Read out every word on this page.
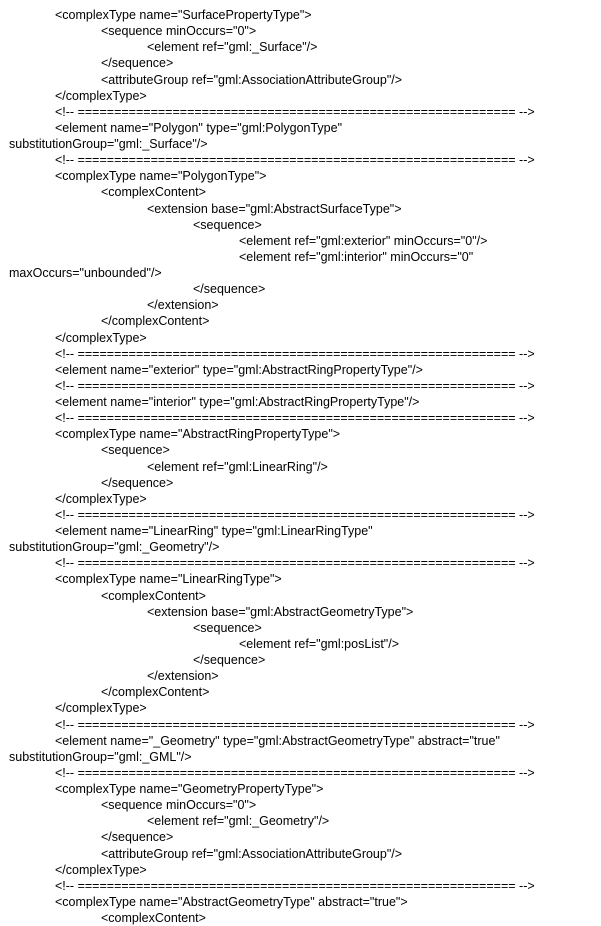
<complexType name="SurfacePropertyType">
<sequence minOccurs="0">
<element ref="gml:_Surface"/>
</sequence>
<attributeGroup ref="gml:AssociationAttributeGroup"/>
</complexType>
<!-- ============================================================ -->
<element name="Polygon" type="gml:PolygonType"
substitutionGroup="gml:_Surface"/>
<!-- ============================================================ -->
<complexType name="PolygonType">
<complexContent>
<extension base="gml:AbstractSurfaceType">
<sequence>
<element ref="gml:exterior" minOccurs="0"/>
<element ref="gml:interior" minOccurs="0"
maxOccurs="unbounded"/>
</sequence>
</extension>
</complexContent>
</complexType>
<!-- ============================================================ -->
<element name="exterior" type="gml:AbstractRingPropertyType"/>
<!-- ============================================================ -->
<element name="interior" type="gml:AbstractRingPropertyType"/>
<!-- ============================================================ -->
<complexType name="AbstractRingPropertyType">
<sequence>
<element ref="gml:LinearRing"/>
</sequence>
</complexType>
<!-- ============================================================ -->
<element name="LinearRing" type="gml:LinearRingType"
substitutionGroup="gml:_Geometry"/>
<!-- ============================================================ -->
<complexType name="LinearRingType">
<complexContent>
<extension base="gml:AbstractGeometryType">
<sequence>
<element ref="gml:posList"/>
</sequence>
</extension>
</complexContent>
</complexType>
<!-- ============================================================ -->
<element name="_Geometry" type="gml:AbstractGeometryType" abstract="true"
substitutionGroup="gml:_GML"/>
<!-- ============================================================ -->
<complexType name="GeometryPropertyType">
<sequence minOccurs="0">
<element ref="gml:_Geometry"/>
</sequence>
<attributeGroup ref="gml:AssociationAttributeGroup"/>
</complexType>
<!-- ============================================================ -->
<complexType name="AbstractGeometryType" abstract="true">
<complexContent>
